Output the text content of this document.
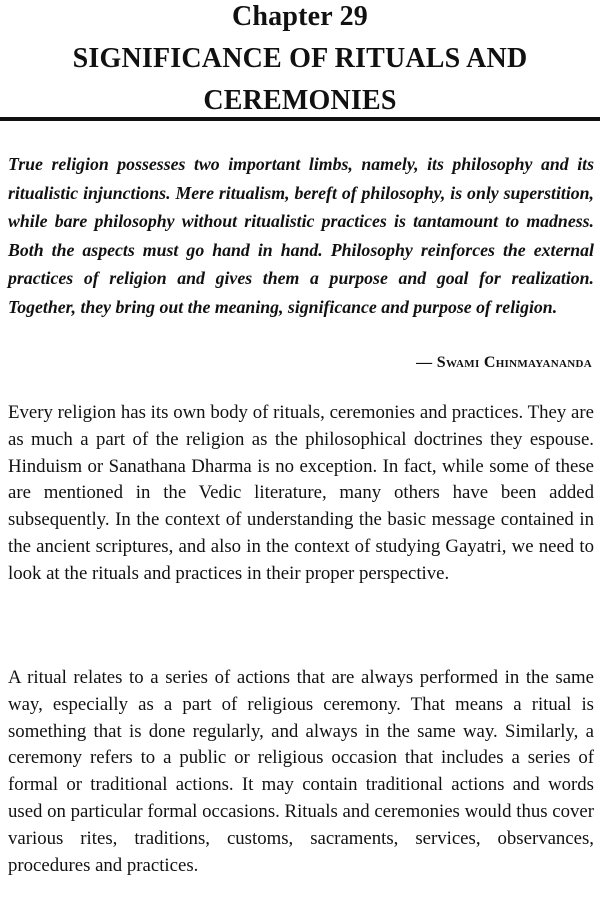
Chapter 29
SIGNIFICANCE OF RITUALS AND CEREMONIES

True religion possesses two important limbs, namely, its philosophy and its ritualistic injunctions. Mere ritualism, bereft of philosophy, is only superstition, while bare philosophy without ritualistic practices is tantamount to madness. Both the aspects must go hand in hand. Philosophy reinforces the external practices of religion and gives them a purpose and goal for realization. Together, they bring out the meaning, significance and purpose of religion.

— Swami Chinmayananda

Every religion has its own body of rituals, ceremonies and practices. They are as much a part of the religion as the philosophical doctrines they espouse. Hinduism or Sanathana Dharma is no exception. In fact, while some of these are mentioned in the Vedic literature, many others have been added subsequently. In the context of understanding the basic message contained in the ancient scriptures, and also in the context of studying Gayatri, we need to look at the rituals and practices in their proper perspective.

A ritual relates to a series of actions that are always performed in the same way, especially as a part of religious ceremony. That means a ritual is something that is done regularly, and always in the same way. Similarly, a ceremony refers to a public or religious occasion that includes a series of formal or traditional actions. It may contain traditional actions and words used on particular formal occasions. Rituals and ceremonies would thus cover various rites, traditions, customs, sacraments, services, observances, procedures and practices.
